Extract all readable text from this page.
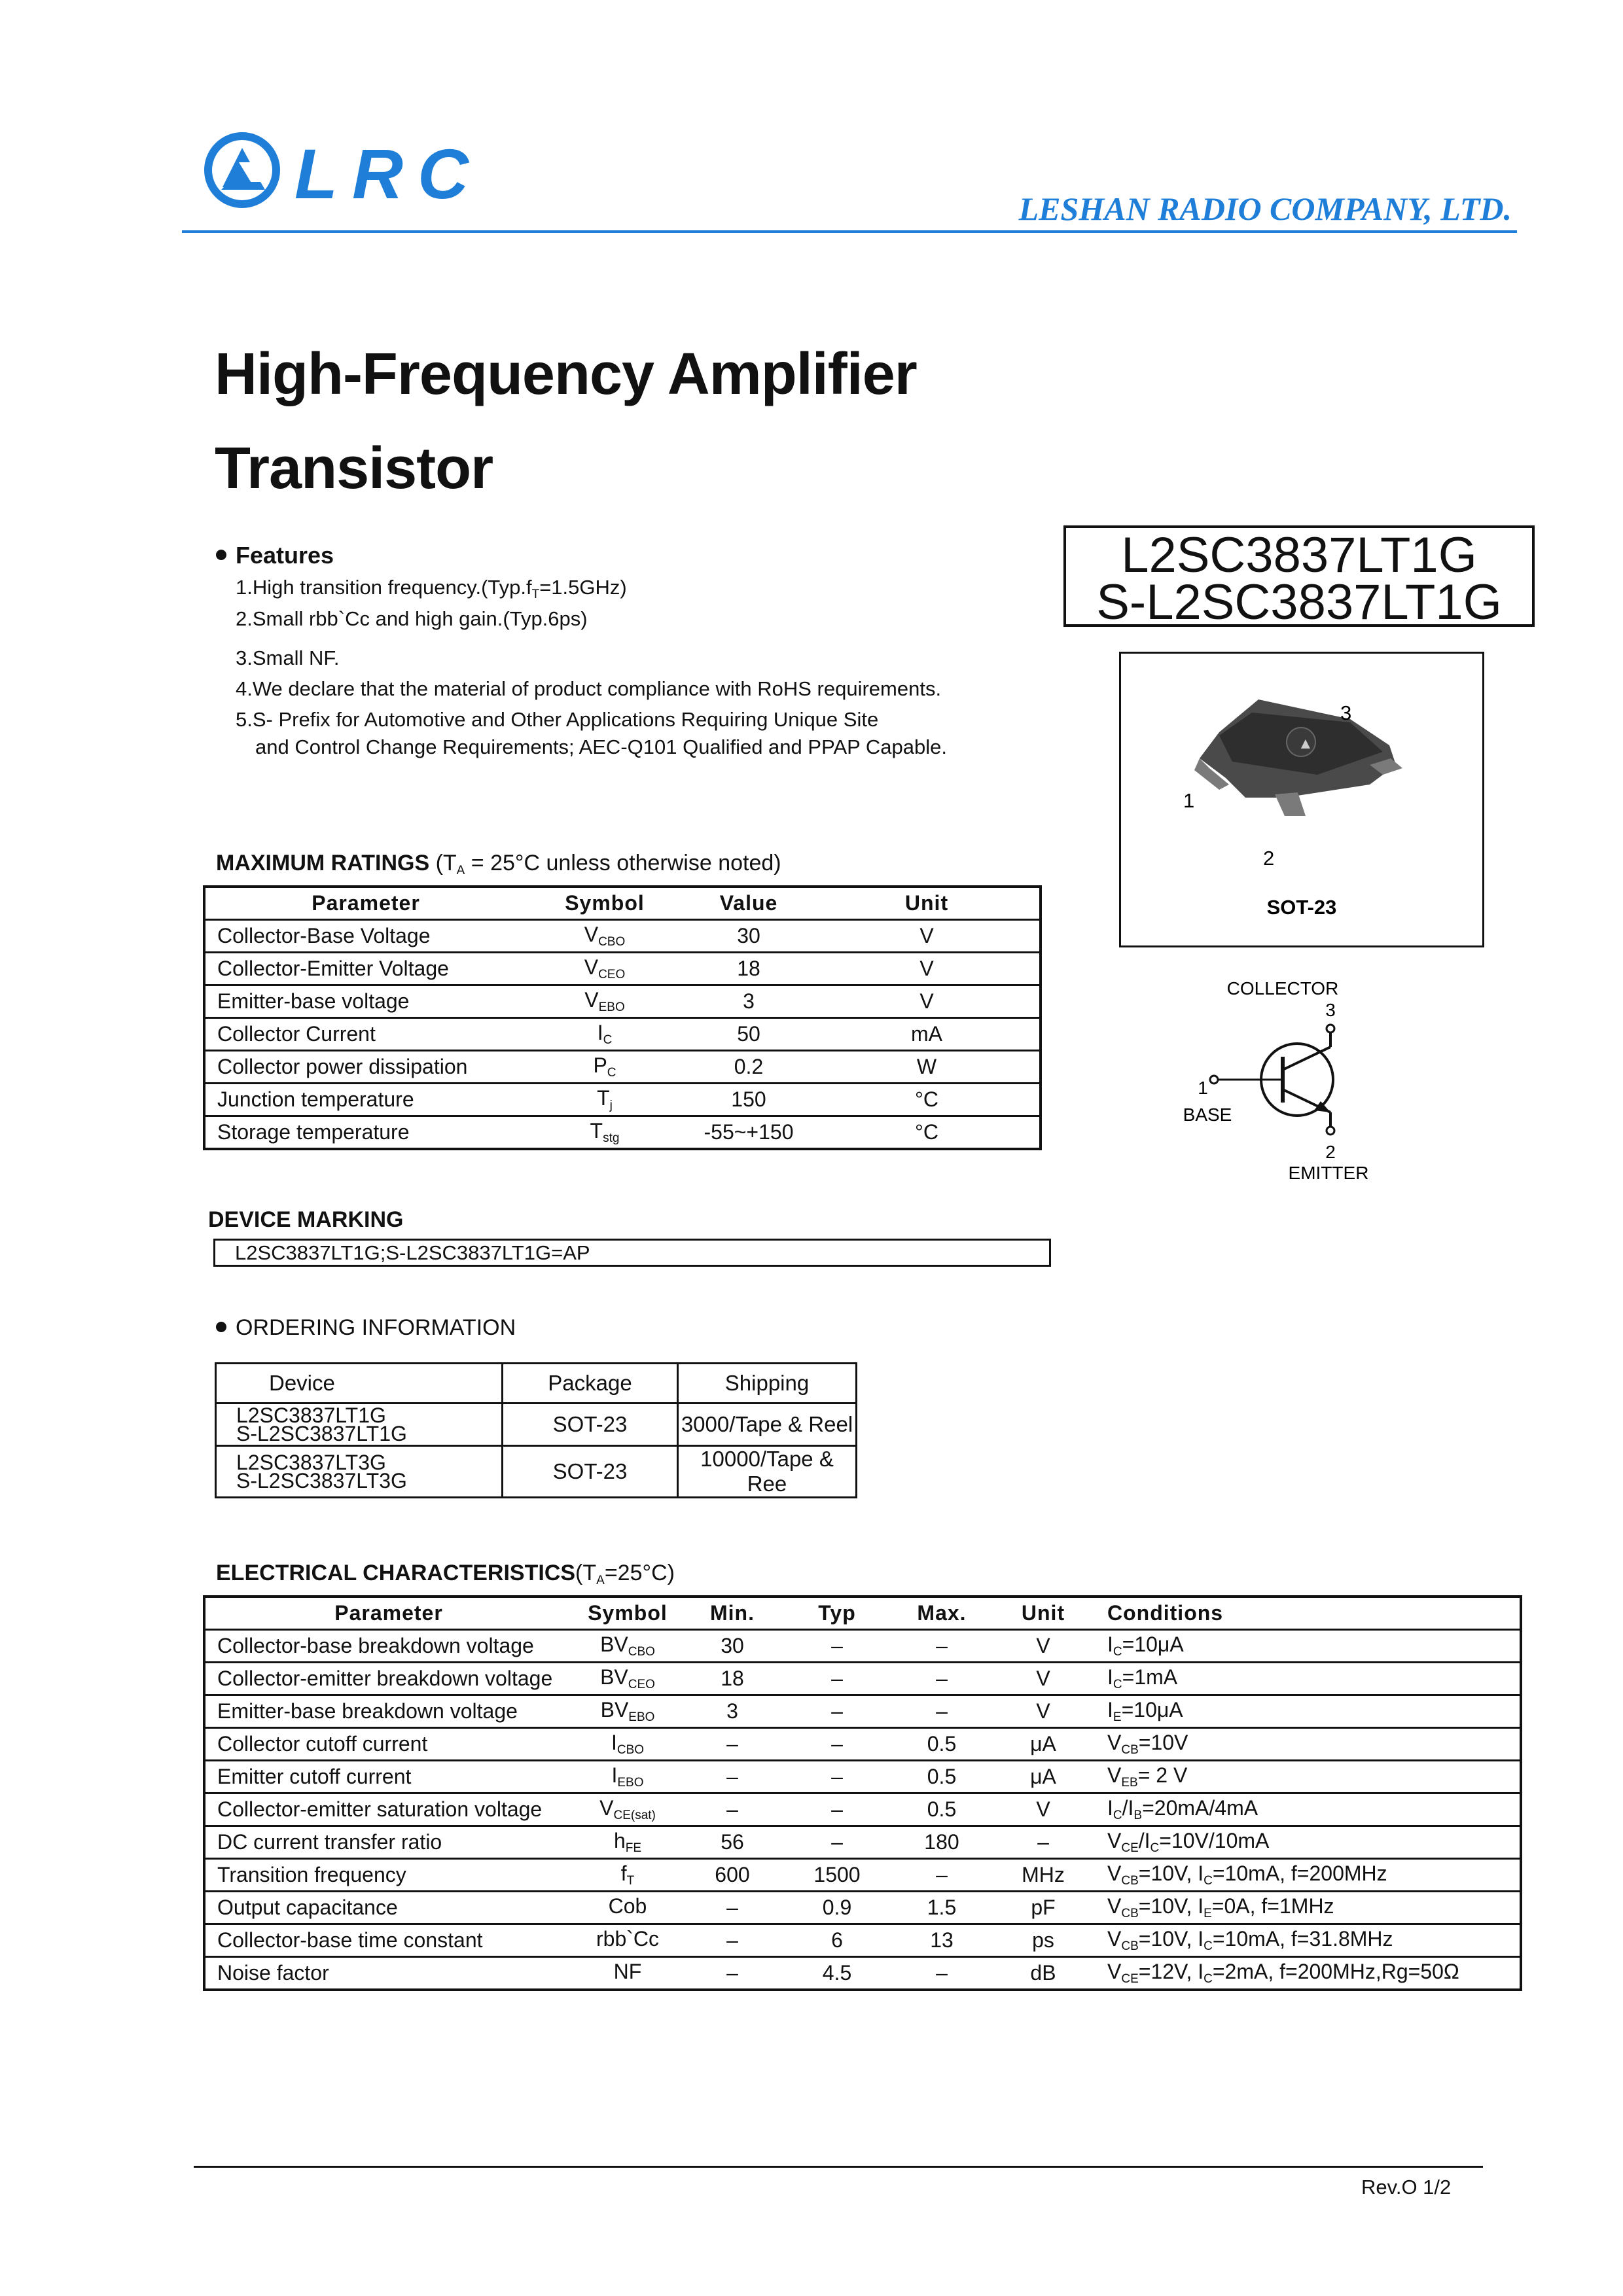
LRC	LESHAN RADIO COMPANY, LTD.
High-Frequency Amplifier
Transistor
L2SC3837LT1G
S-L2SC3837LT1G
Features
1.High transition $frequency.(Typ.f_T=1.5GHz)$
2.Small rbb`Cc and high gain.(Typ.6ps)
3.Small NF.
4.We declare that the material of product compliance with RoHS requirements.
5.S- Prefix for Automotive and Other Applications Requiring Unique Site
and Control Change Requirements; AEC-Q101 Qualified and PPAP Capable.	▲
1
2
3
SOT-23
COLLECTOR
3
1
BASE
2
EMITTER
MAXIMUM RATINGS ($T_A = 25^\circ C$ unless otherwise noted)
Parameter	Symbol	Value	Unit
Collector-Base Voltage	$V_{CBO}$	30	V
Collector-Emitter Voltage	$V_{CEO}$	18	V
Emitter-base voltage	$V_{EBO}$	3	V
Collector Current	$I_C$	50	mA
Collector power dissipation	$P_C$	0.2	W
Junction temperature	$T_j$	150	°C
Storage temperature	$T_{stg}$	-55~+150	°C
DEVICE MARKING
L2SC3837LT1G;S-L2SC3837LT1G=AP
ORDERING INFORMATION
Device	Package	Shipping

L2SC3837LT1G
S-L2SC3837LT1G	SOT-23	3000/Tape & Reel

L2SC3837LT3G
S-L2SC3837LT3G	SOT-23	10000/Tape & Ree
ELECTRICAL $CHARACTERISTICS(T_A=25^\circ C)$
Parameter	Symbol	Min.	Typ	Max.	Unit	Conditions
Collector-base breakdown voltage	$BV_{CBO}$	30	–	–	V	$I_C=10\mu A$
Collector-emitter breakdown voltage	$BV_{CEO}$	18	–	–	V	$I_C=1mA$
Emitter-base breakdown voltage	$BV_{EBO}$	3	–	–	V	$I_E=10\mu A$
Collector cutoff current	$I_{CBO}$	–	–	0.5	μA	$V_{CB}=10V$
Emitter cutoff current	$I_{EBO}$	–	–	0.5	μA	$V_{EB}= 2$ V
Collector-emitter saturation voltage	$V_{CE(sat)}$	–	–	0.5	V	$I_C/I_B=20mA/4mA$
DC current transfer ratio	$h_{FE}$	56	–	180	–	$V_{CE}/I_C=10V/10mA$
Transition frequency	$f_T$	600	1500	–	MHz	$V_{CB}=10V$, $I_C=10mA$, f=200MHz
Output capacitance	Cob	–	0.9	1.5	pF	$V_{CB}=10V$, $I_E=0A$, f=1MHz
Collector-base time constant	rbb`Cc	–	6	13	ps	$V_{CB}=10V$, $I_C=10mA$, f=31.8MHz
Noise factor	NF	–	4.5	–	dB	$V_{CE}=12V$, $I_C=2mA$, f=200MHz,Rg=50Ω
Rev.O 1/2
